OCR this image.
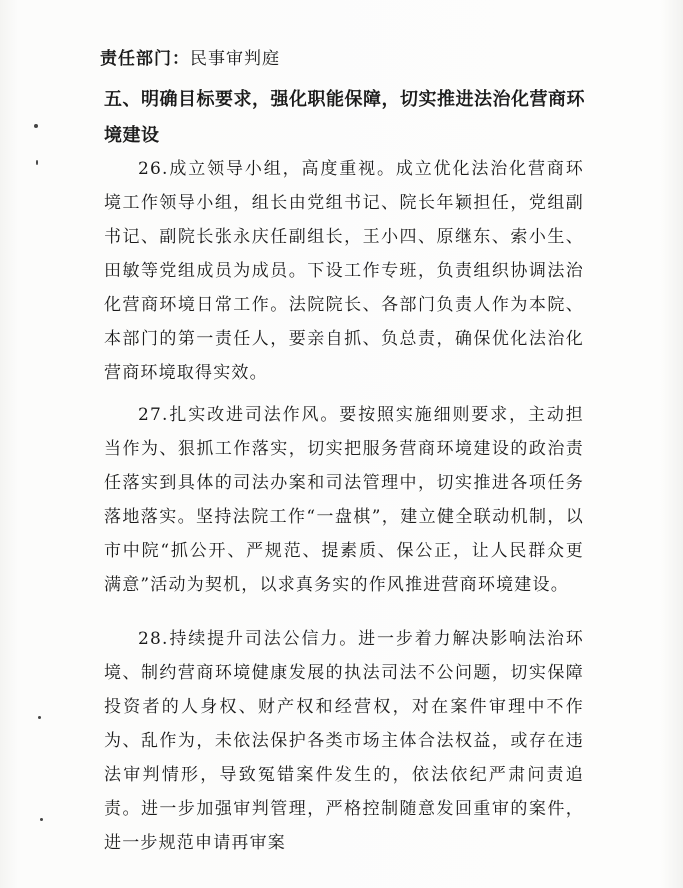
责任部门：民事审判庭
五、明确目标要求，强化职能保障，切实推进法治化营商环境建设
26.成立领导小组，高度重视。成立优化法治化营商环境工作领导小组，组长由党组书记、院长年颖担任，党组副书记、副院长张永庆任副组长，王小四、原继东、索小生、田敏等党组成员为成员。下设工作专班，负责组织协调法治化营商环境日常工作。法院院长、各部门负责人作为本院、本部门的第一责任人，要亲自抓、负总责，确保优化法治化 营商环境取得实效。
27.扎实改进司法作风。要按照实施细则要求，主动担当作为、狠抓工作落实，切实把服务营商环境建设的政治责任落实到具体的司法办案和司法管理中，切实推进各项任务落地落实。坚持法院工作“一盘棋”，建立健全联动机制，以市中院“抓公开、严规范、提素质、保公正，让人民群众更满意”活动为契机，以求真务实的作风推进营商环境建设。
28.持续提升司法公信力。进一步着力解决影响法治环境、制约营商环境健康发展的执法司法不公问题，切实保障投资者的人身权、财产权和经营权，对在案件审理中不作为、乱作为，未依法保护各类市场主体合法权益，或存在违法审判情形，导致冤错案件发生的，依法依纪严肃问责追责。进一步加强审判管理，严格控制随意发回重审的案件，进一步规范申请再审案
